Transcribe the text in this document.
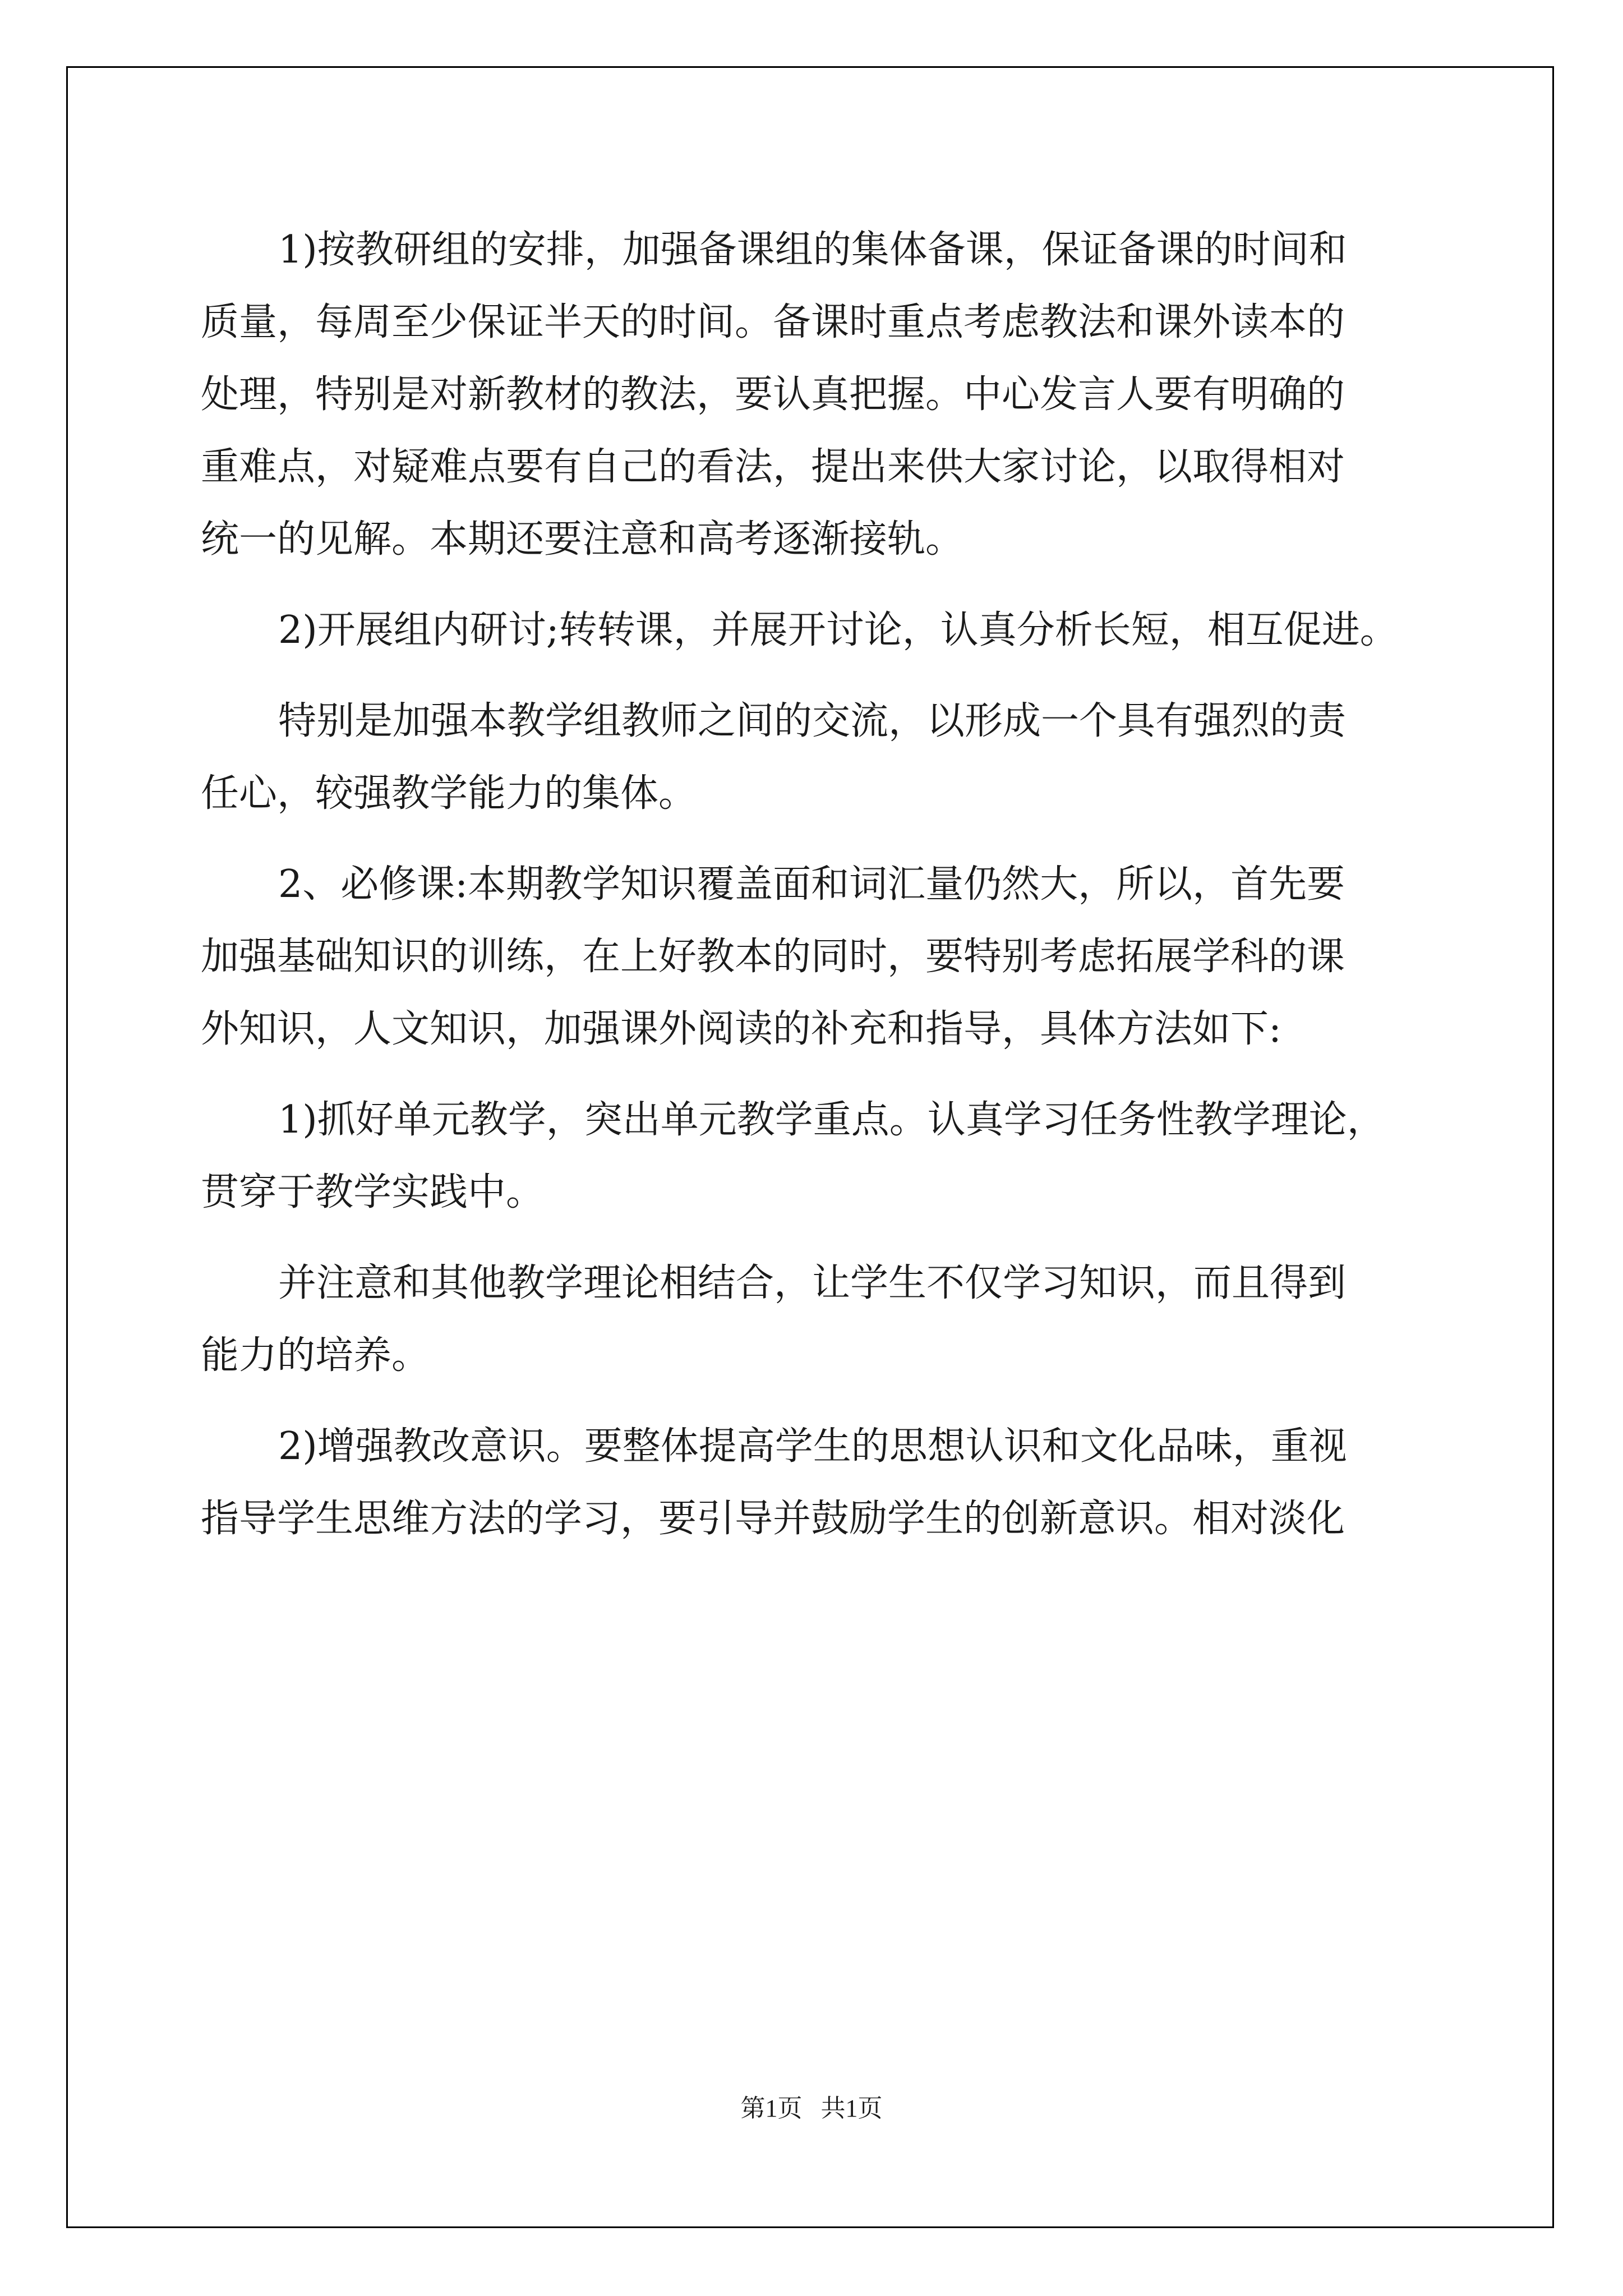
1)按教研组的安排，加强备课组的集体备课，保证备课的时间和
质量，每周至少保证半天的时间。备课时重点考虑教法和课外读本的
处理，特别是对新教材的教法，要认真把握。中心发言人要有明确的
重难点，对疑难点要有自己的看法，提出来供大家讨论，以取得相对
统一的见解。本期还要注意和高考逐渐接轨。
2)开展组内研讨;转转课，并展开讨论，认真分析长短，相互促进。
特别是加强本教学组教师之间的交流，以形成一个具有强烈的责
任心，较强教学能力的集体。
2、必修课:本期教学知识覆盖面和词汇量仍然大，所以，首先要
加强基础知识的训练，在上好教本的同时，要特别考虑拓展学科的课
外知识，人文知识，加强课外阅读的补充和指导，具体方法如下:
1)抓好单元教学，突出单元教学重点。认真学习任务性教学理论，
贯穿于教学实践中。
并注意和其他教学理论相结合，让学生不仅学习知识，而且得到
能力的培养。
2)增强教改意识。要整体提高学生的思想认识和文化品味，重视
指导学生思维方法的学习，要引导并鼓励学生的创新意识。相对淡化
第1页   共1页
